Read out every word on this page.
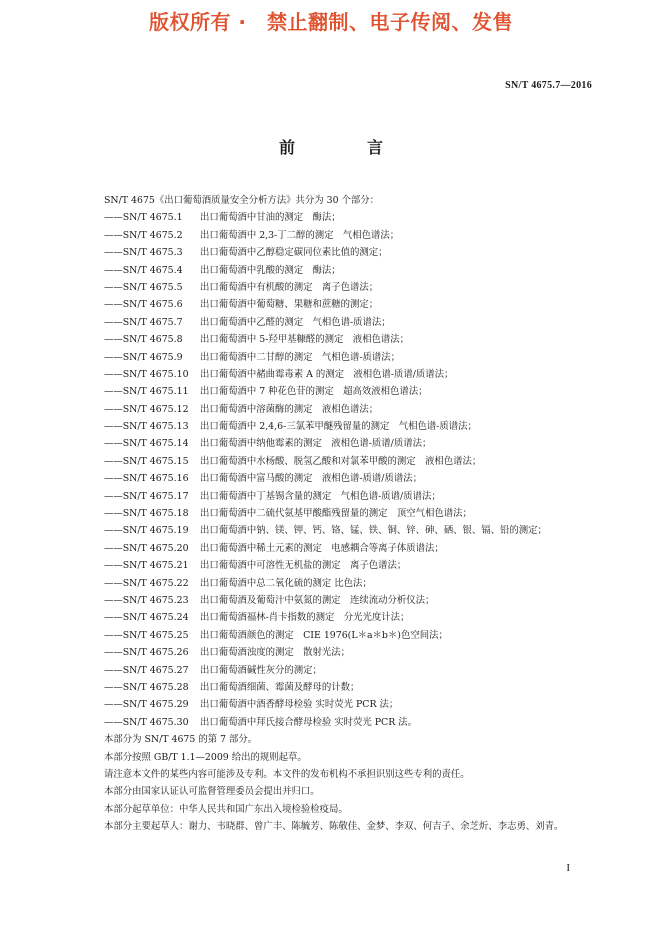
版权所有 ·　禁止翻制、电子传阅、发售
SN/T 4675.7—2016
前　言
SN/T 4675《出口葡萄酒质量安全分析方法》共分为 30 个部分：
——SN/T 4675.1	出口葡萄酒中甘油的测定　酶法；
——SN/T 4675.2	出口葡萄酒中 2,3-丁二醇的测定　气相色谱法；
——SN/T 4675.3	出口葡萄酒中乙醇稳定碳同位素比值的测定；
——SN/T 4675.4	出口葡萄酒中乳酸的测定　酶法；
——SN/T 4675.5	出口葡萄酒中有机酸的测定　离子色谱法；
——SN/T 4675.6	出口葡萄酒中葡萄糖、果糖和蔗糖的测定；
——SN/T 4675.7	出口葡萄酒中乙醛的测定　气相色谱-质谱法；
——SN/T 4675.8	出口葡萄酒中 5-羟甲基糠醛的测定　液相色谱法；
——SN/T 4675.9	出口葡萄酒中二甘醇的测定　气相色谱-质谱法；
——SN/T 4675.10	出口葡萄酒中赭曲霉毒素 A 的测定　液相色谱-质谱/质谱法；
——SN/T 4675.11	出口葡萄酒中 7 种花色苷的测定　超高效液相色谱法；
——SN/T 4675.12	出口葡萄酒中溶菌酶的测定　液相色谱法；
——SN/T 4675.13	出口葡萄酒中 2,4,6-三氯苯甲醚残留量的测定　气相色谱-质谱法；
——SN/T 4675.14	出口葡萄酒中纳他霉素的测定　液相色谱-质谱/质谱法；
——SN/T 4675.15	出口葡萄酒中水杨酸、脱氢乙酸和对氯苯甲酸的测定　液相色谱法；
——SN/T 4675.16	出口葡萄酒中富马酸的测定　液相色谱-质谱/质谱法；
——SN/T 4675.17	出口葡萄酒中丁基锡含量的测定　气相色谱-质谱/质谱法；
——SN/T 4675.18	出口葡萄酒中二硫代氨基甲酸酯残留量的测定　顶空气相色谱法；
——SN/T 4675.19	出口葡萄酒中钠、镁、钾、钙、铬、锰、铁、铜、锌、砷、硒、银、镉、铅的测定；
——SN/T 4675.20	出口葡萄酒中稀土元素的测定　电感耦合等离子体质谱法；
——SN/T 4675.21	出口葡萄酒中可溶性无机盐的测定　离子色谱法；
——SN/T 4675.22	出口葡萄酒中总二氧化硫的测定 比色法；
——SN/T 4675.23	出口葡萄酒及葡萄汁中氨氮的测定　连续流动分析仪法；
——SN/T 4675.24	出口葡萄酒福林-肖卡指数的测定　分光光度计法；
——SN/T 4675.25	出口葡萄酒颜色的测定　CIE 1976(L＊a＊b＊)色空间法；
——SN/T 4675.26	出口葡萄酒浊度的测定　散射光法；
——SN/T 4675.27	出口葡萄酒碱性灰分的测定；
——SN/T 4675.28	出口葡萄酒细菌、霉菌及酵母的计数；
——SN/T 4675.29	出口葡萄酒中酒香酵母检验 实时荧光 PCR 法；
——SN/T 4675.30	出口葡萄酒中拜氏接合酵母检验 实时荧光 PCR 法。
本部分为 SN/T 4675 的第 7 部分。
本部分按照 GB/T 1.1—2009 给出的规则起草。
请注意本文件的某些内容可能涉及专利。本文件的发布机构不承担识别这些专利的责任。
本部分由国家认证认可监督管理委员会提出并归口。
本部分起草单位：中华人民共和国广东出入境检验检疫局。
本部分主要起草人：谢力、韦晓群、曾广丰、陈毓芳、陈敬佳、金梦、李双、何吉子、余芝炘、李志勇、刘青。
I
